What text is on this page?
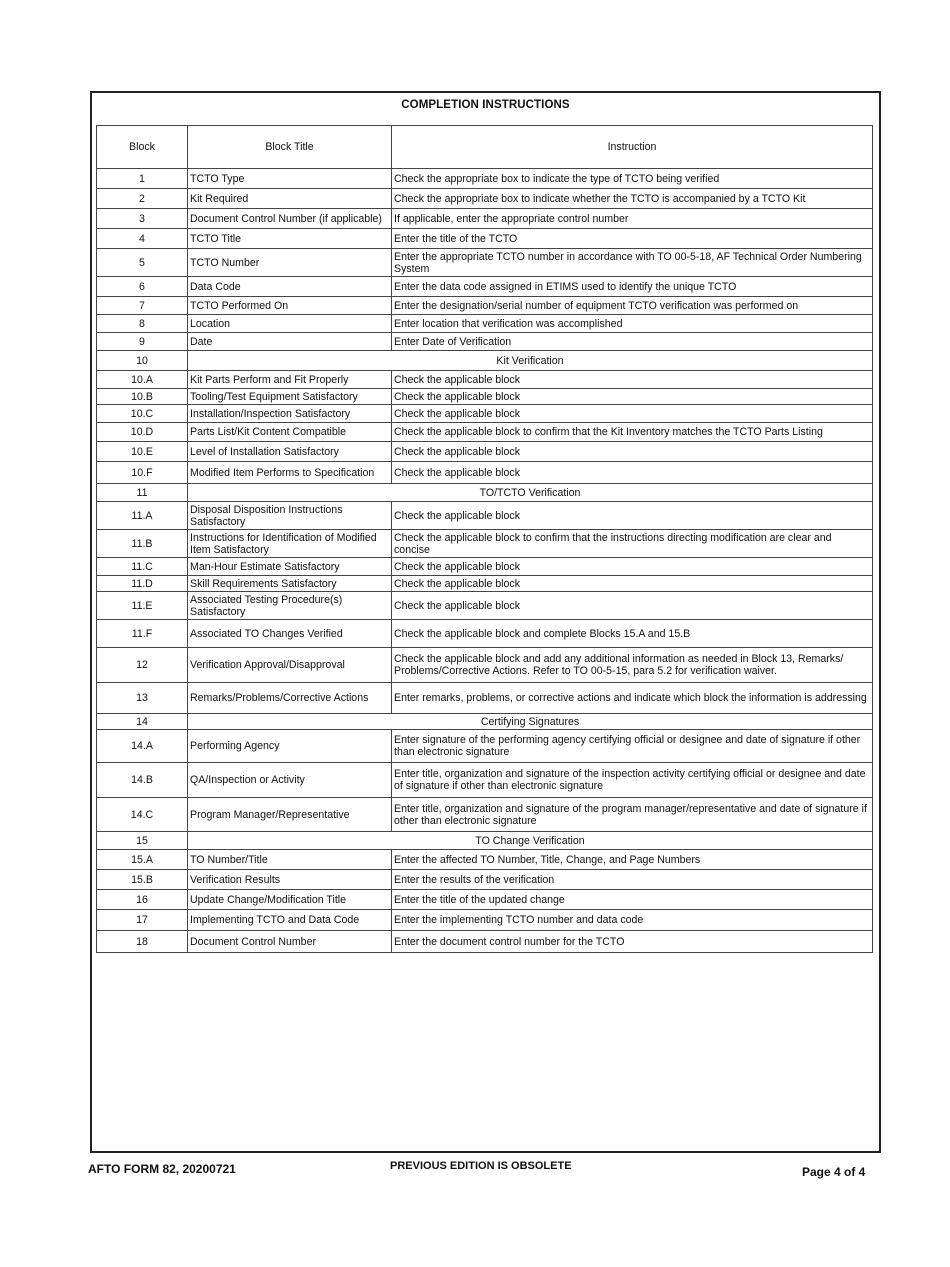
COMPLETION INSTRUCTIONS
Block	Block Title	Instruction
1	TCTO Type	Check the appropriate box to indicate the type of TCTO being verified
2	Kit Required	Check the appropriate box to indicate whether the TCTO is accompanied by a TCTO Kit
3	Document Control Number (if applicable)	If applicable, enter the appropriate control number
4	TCTO Title	Enter the title of the TCTO
5	TCTO Number	Enter the appropriate TCTO number in accordance with TO 00-5-18, AF Technical Order Numbering System
6	Data Code	Enter the data code assigned in ETIMS used to identify the unique TCTO
7	TCTO Performed On	Enter the designation/serial number of equipment TCTO verification was performed on
8	Location	Enter location that verification was accomplished
9	Date	Enter Date of Verification
10	Kit Verification	
10.A	Kit Parts Perform and Fit Properly	Check the applicable block
10.B	Tooling/Test Equipment Satisfactory	Check the applicable block
10.C	Installation/Inspection Satisfactory	Check the applicable block
10.D	Parts List/Kit Content Compatible	Check the applicable block to confirm that the Kit Inventory matches the TCTO Parts Listing
10.E	Level of Installation Satisfactory	Check the applicable block
10.F	Modified Item Performs to Specification	Check the applicable block
11	TO/TCTO Verification	
11.A	Disposal Disposition Instructions Satisfactory	Check the applicable block
11.B	Instructions for Identification of Modified Item Satisfactory	Check the applicable block to confirm that the instructions directing modification are clear and concise
11.C	Man-Hour Estimate Satisfactory	Check the applicable block
11.D	Skill Requirements Satisfactory	Check the applicable block
11.E	Associated Testing Procedure(s) Satisfactory	Check the applicable block
11.F	Associated TO Changes Verified	Check the applicable block and complete Blocks 15.A and 15.B
12	Verification Approval/Disapproval	Check the applicable block and add any additional information as needed in Block 13, Remarks/ Problems/Corrective Actions. Refer to TO 00-5-15, para 5.2 for verification waiver.
13	Remarks/Problems/Corrective Actions	Enter remarks, problems, or corrective actions and indicate which block the information is addressing
14	Certifying Signatures	
14.A	Performing Agency	Enter signature of the performing agency certifying official or designee and date of signature if other than electronic signature
14.B	QA/Inspection or Activity	Enter title, organization and signature of the inspection activity certifying official or designee and date of signature if other than electronic signature
14.C	Program Manager/Representative	Enter title, organization and signature of the program manager/representative and date of signature if other than electronic signature
15	TO Change Verification	
15.A	TO Number/Title	Enter the affected TO Number, Title, Change, and Page Numbers
15.B	Verification Results	Enter the results of the verification
16	Update Change/Modification Title	Enter the title of the updated change
17	Implementing TCTO and Data Code	Enter the implementing TCTO number and data code
18	Document Control Number	Enter the document control number for the TCTO
AFTO FORM 82, 20200721	PREVIOUS EDITION IS OBSOLETE	Page 4 of 4
